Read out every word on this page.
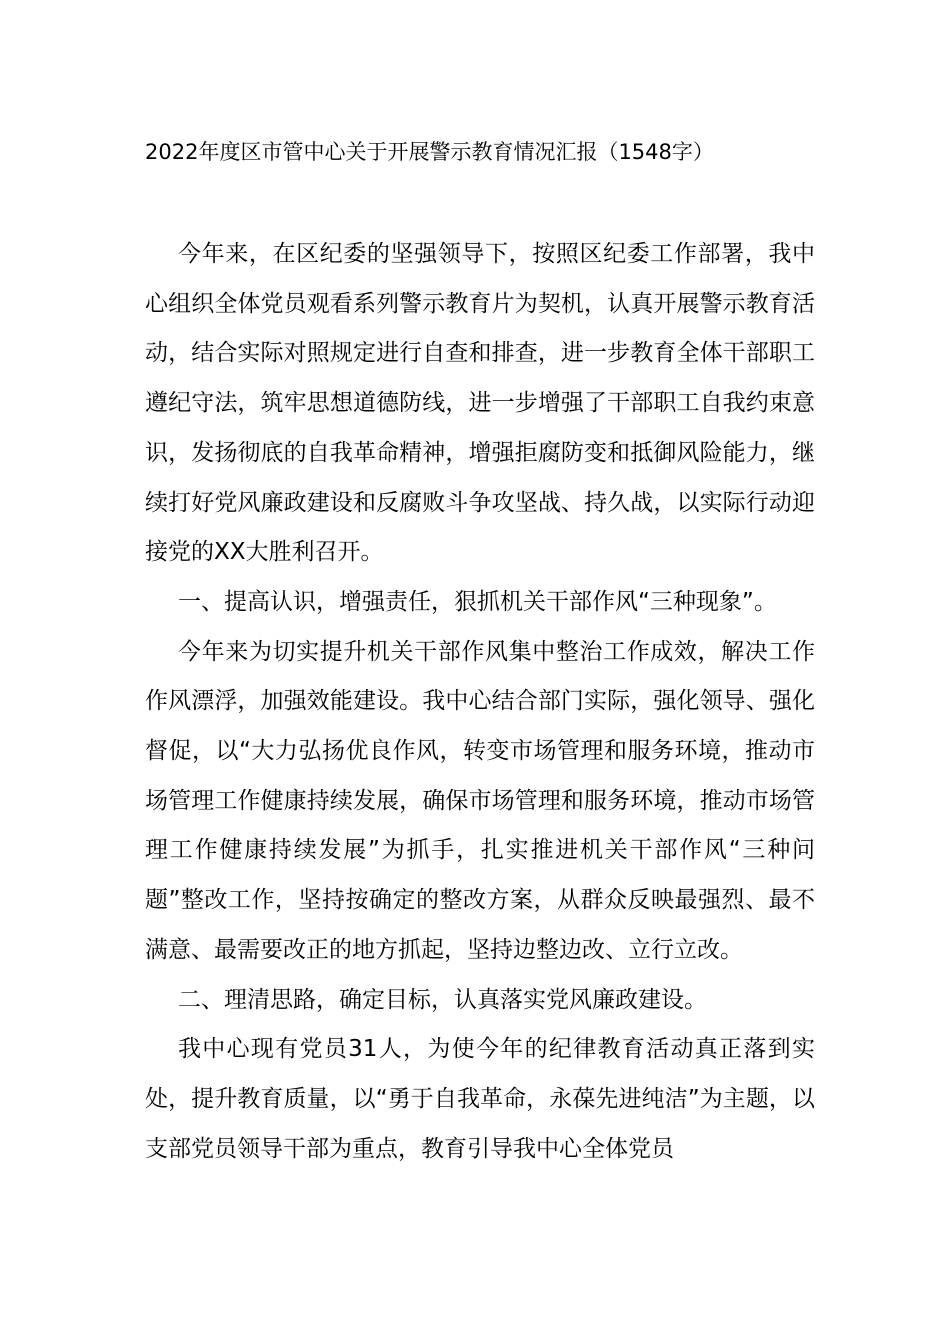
2022年度区市管中心关于开展警示教育情况汇报（1548字）

今年来，在区纪委的坚强领导下，按照区纪委工作部署，我中心组织全体党员观看系列警示教育片为契机，认真开展警示教育活动，结合实际对照规定进行自查和排查，进一步教育全体干部职工遵纪守法，筑牢思想道德防线，进一步增强了干部职工自我约束意识，发扬彻底的自我革命精神，增强拒腐防变和抵御风险能力，继续打好党风廉政建设和反腐败斗争攻坚战、持久战，以实际行动迎接党的XX大胜利召开。

一、提高认识，增强责任，狠抓机关干部作风“三种现象”。

今年来为切实提升机关干部作风集中整治工作成效，解决工作作风漂浮，加强效能建设。我中心结合部门实际，强化领导、强化督促，以“大力弘扬优良作风，转变市场管理和服务环境，推动市场管理工作健康持续发展，确保市场管理和服务环境，推动市场管理工作健康持续发展”为抓手，扎实推进机关干部作风“三种问题”整改工作，坚持按确定的整改方案，从群众反映最强烈、最不满意、最需要改正的地方抓起，坚持边整边改、立行立改。

二、理清思路，确定目标，认真落实党风廉政建设。

我中心现有党员31人，为使今年的纪律教育活动真正落到实处，提升教育质量，以“勇于自我革命，永葆先进纯洁”为主题，以支部党员领导干部为重点，教育引导我中心全体党员
